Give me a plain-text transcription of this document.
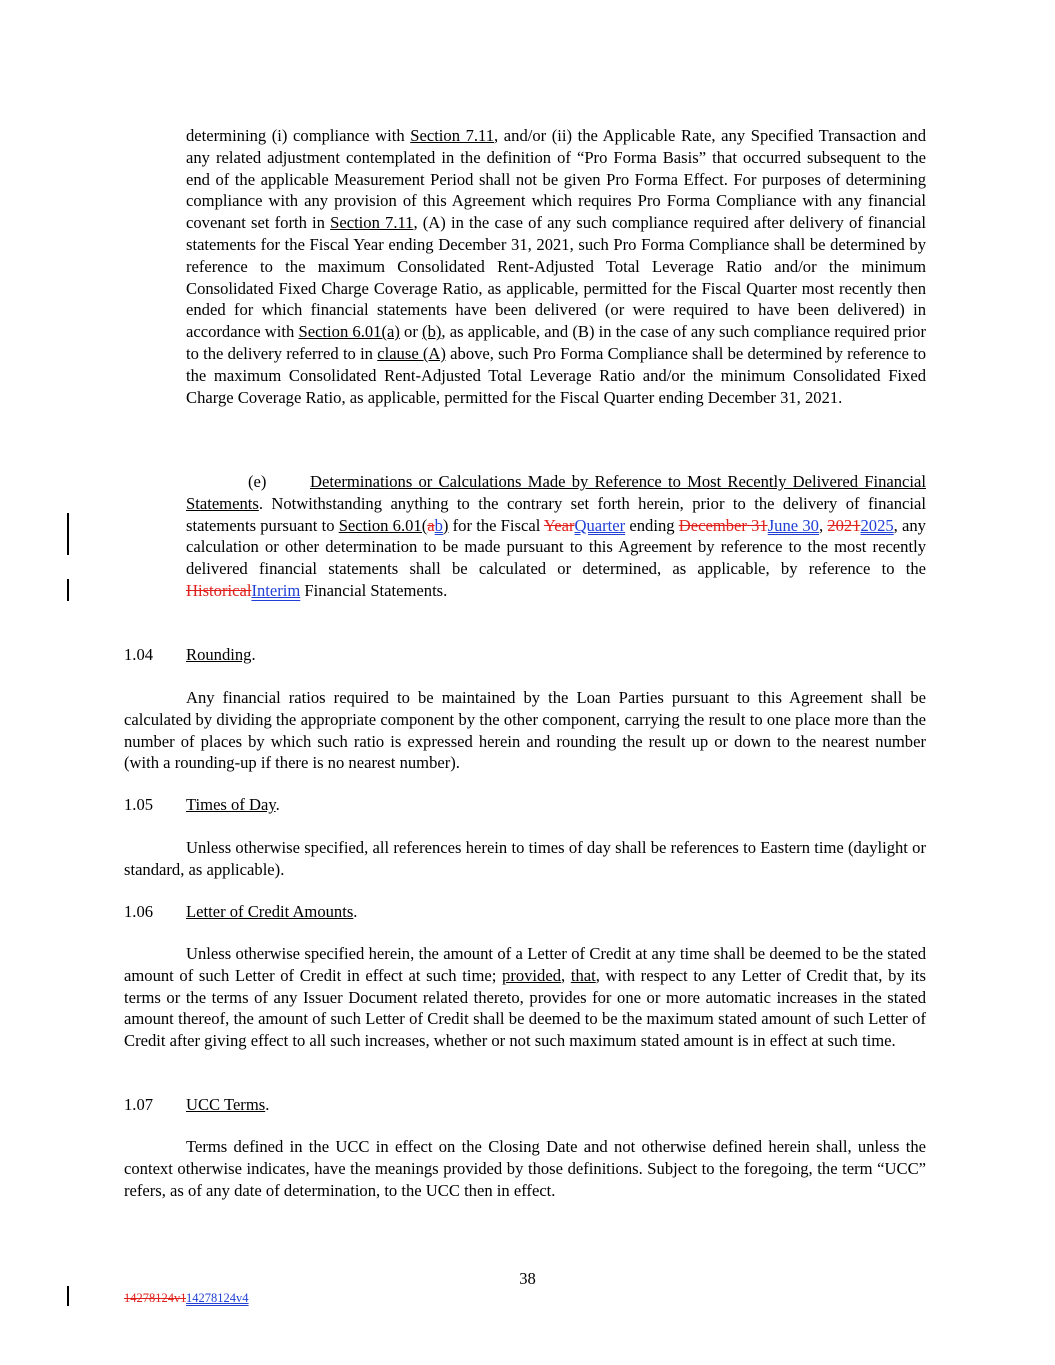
determining (i) compliance with Section 7.11, and/or (ii) the Applicable Rate, any Specified Transaction and any related adjustment contemplated in the definition of “Pro Forma Basis” that occurred subsequent to the end of the applicable Measurement Period shall not be given Pro Forma Effect. For purposes of determining compliance with any provision of this Agreement which requires Pro Forma Compliance with any financial covenant set forth in Section 7.11, (A) in the case of any such compliance required after delivery of financial statements for the Fiscal Year ending December 31, 2021, such Pro Forma Compliance shall be determined by reference to the maximum Consolidated Rent-Adjusted Total Leverage Ratio and/or the minimum Consolidated Fixed Charge Coverage Ratio, as applicable, permitted for the Fiscal Quarter most recently then ended for which financial statements have been delivered (or were required to have been delivered) in accordance with Section 6.01(a) or (b), as applicable, and (B) in the case of any such compliance required prior to the delivery referred to in clause (A) above, such Pro Forma Compliance shall be determined by reference to the maximum Consolidated Rent-Adjusted Total Leverage Ratio and/or the minimum Consolidated Fixed Charge Coverage Ratio, as applicable, permitted for the Fiscal Quarter ending December 31, 2021.

(e)	Determinations or Calculations Made by Reference to Most Recently Delivered Financial Statements. Notwithstanding anything to the contrary set forth herein, prior to the delivery of financial statements pursuant to Section 6.01(ab) for the Fiscal YearQuarter ending December 31June 30, 20212025, any calculation or other determination to be made pursuant to this Agreement by reference to the most recently delivered financial statements shall be calculated or determined, as applicable, by reference to the HistoricalInterim Financial Statements.

1.04 Rounding.

Any financial ratios required to be maintained by the Loan Parties pursuant to this Agreement shall be calculated by dividing the appropriate component by the other component, carrying the result to one place more than the number of places by which such ratio is expressed herein and rounding the result up or down to the nearest number (with a rounding-up if there is no nearest number).

1.05 Times of Day.

Unless otherwise specified, all references herein to times of day shall be references to Eastern time (daylight or standard, as applicable).

1.06 Letter of Credit Amounts.

Unless otherwise specified herein, the amount of a Letter of Credit at any time shall be deemed to be the stated amount of such Letter of Credit in effect at such time; provided, that, with respect to any Letter of Credit that, by its terms or the terms of any Issuer Document related thereto, provides for one or more automatic increases in the stated amount thereof, the amount of such Letter of Credit shall be deemed to be the maximum stated amount of such Letter of Credit after giving effect to all such increases, whether or not such maximum stated amount is in effect at such time.

1.07 UCC Terms.

Terms defined in the UCC in effect on the Closing Date and not otherwise defined herein shall, unless the context otherwise indicates, have the meanings provided by those definitions. Subject to the foregoing, the term “UCC” refers, as of any date of determination, to the UCC then in effect.

38
14278124v114278124v4
